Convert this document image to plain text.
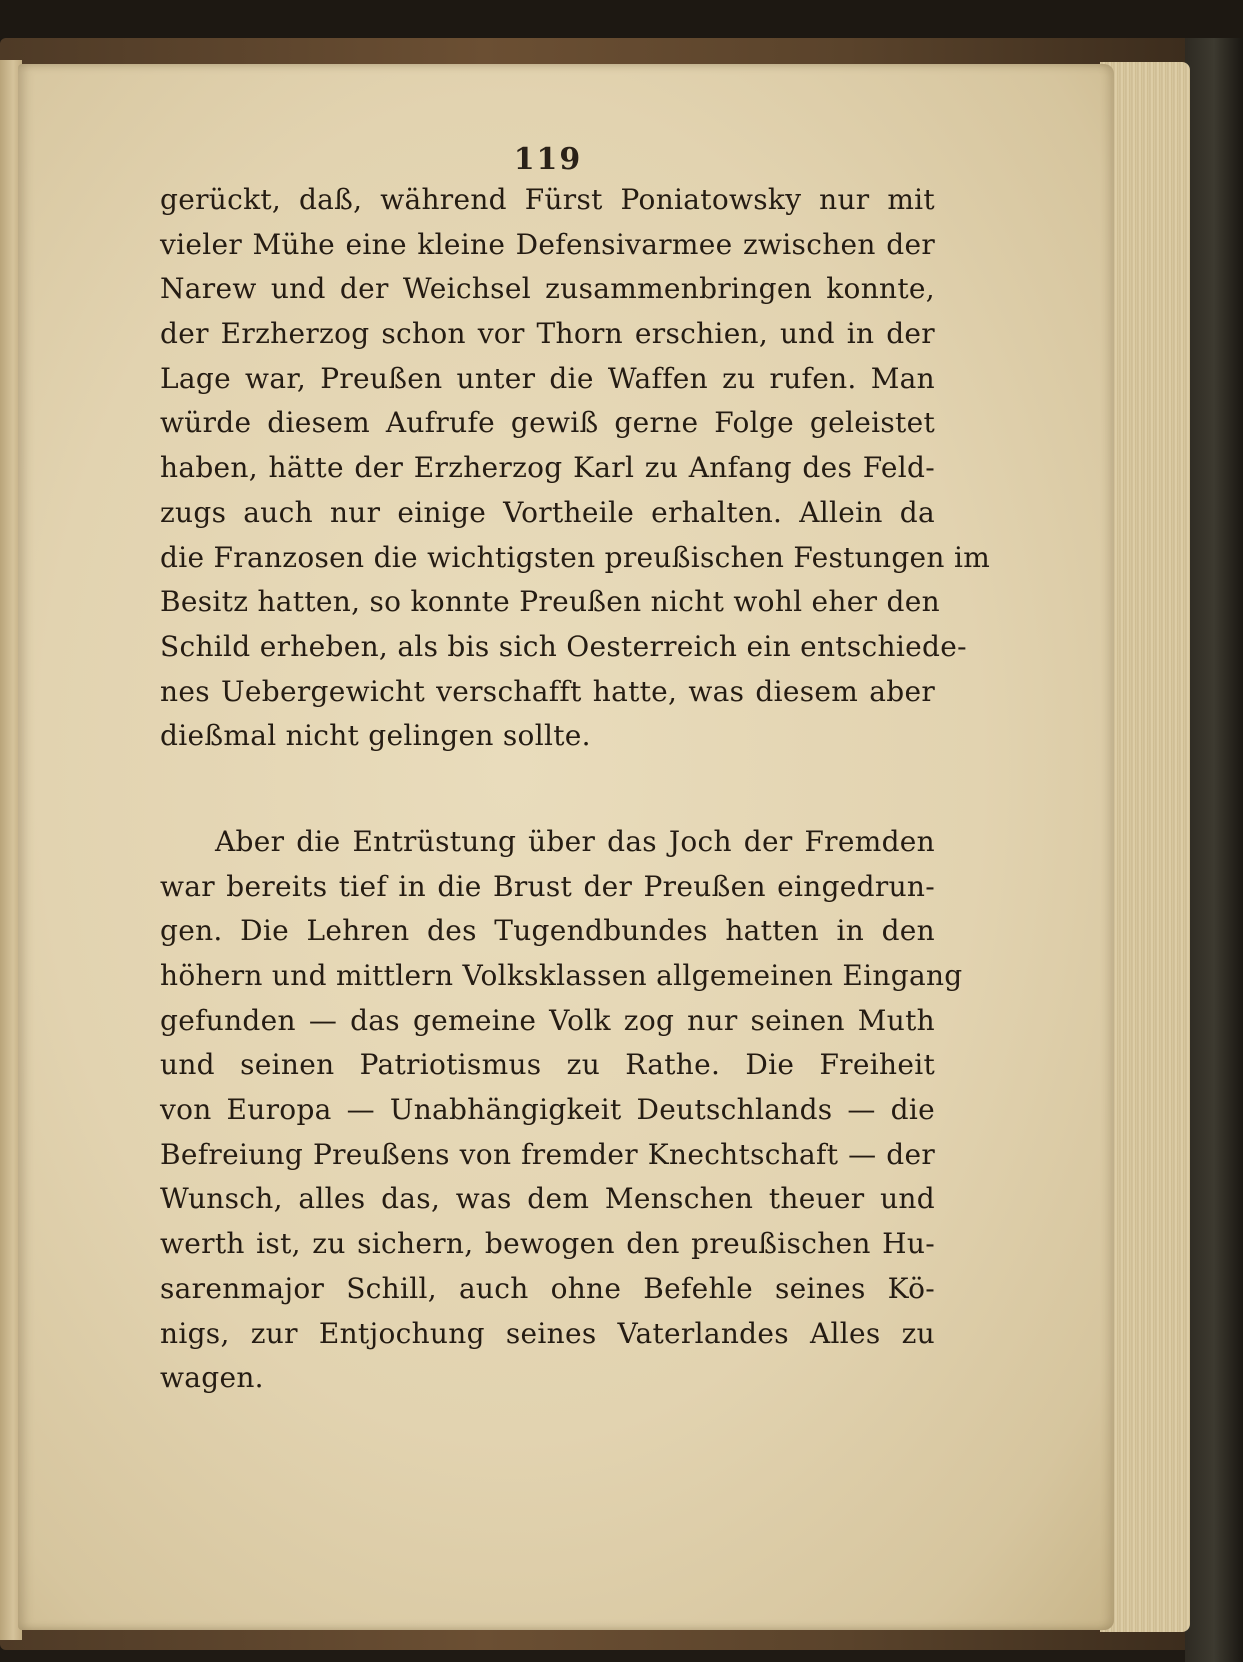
119
gerückt, daß, während Fürst Poniatowsky nur mit
vieler Mühe eine kleine Defensivarmee zwischen der
Narew und der Weichsel zusammenbringen konnte,
der Erzherzog schon vor Thorn erschien, und in der
Lage war, Preußen unter die Waffen zu rufen. Man
würde diesem Aufrufe gewiß gerne Folge geleistet
haben, hätte der Erzherzog Karl zu Anfang des Feld-
zugs auch nur einige Vortheile erhalten. Allein da
die Franzosen die wichtigsten preußischen Festungen im
Besitz hatten, so konnte Preußen nicht wohl eher den
Schild erheben, als bis sich Oesterreich ein entschiede-
nes Uebergewicht verschafft hatte, was diesem aber
dießmal nicht gelingen sollte.
Aber die Entrüstung über das Joch der Fremden
war bereits tief in die Brust der Preußen eingedrun-
gen. Die Lehren des Tugendbundes hatten in den
höhern und mittlern Volksklassen allgemeinen Eingang
gefunden — das gemeine Volk zog nur seinen Muth
und seinen Patriotismus zu Rathe. Die Freiheit
von Europa — Unabhängigkeit Deutschlands — die
Befreiung Preußens von fremder Knechtschaft — der
Wunsch, alles das, was dem Menschen theuer und
werth ist, zu sichern, bewogen den preußischen Hu-
sarenmajor Schill, auch ohne Befehle seines Kö-
nigs, zur Entjochung seines Vaterlandes Alles zu
wagen.
